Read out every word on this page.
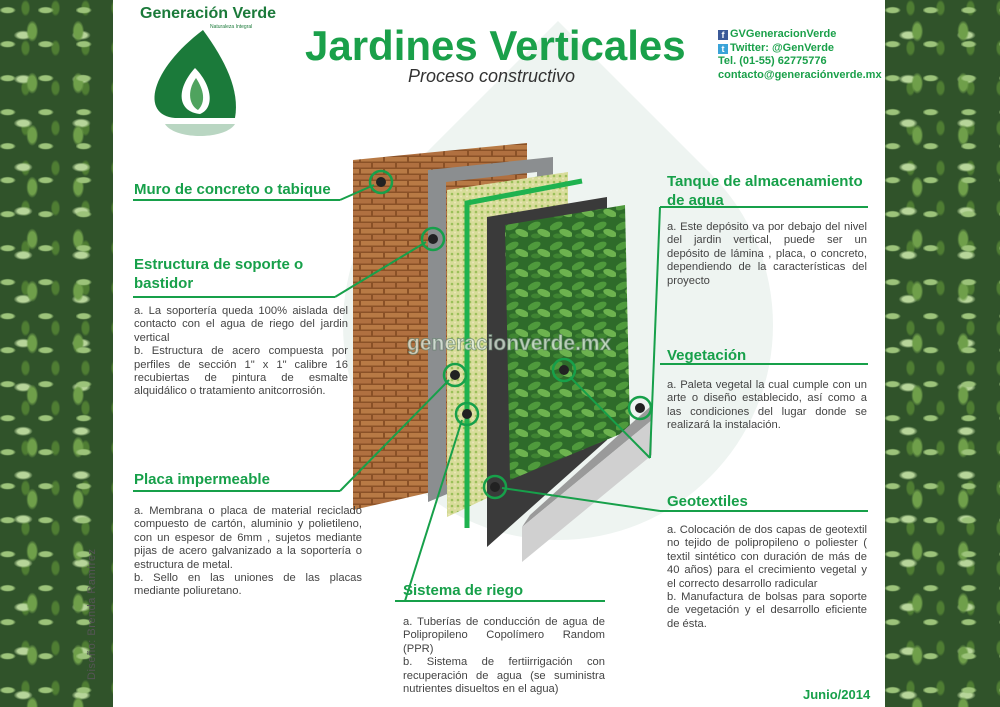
Generación Verde
Naturaleza Integral Jardines Verticales
Proceso constructivo
f GVGeneracionVerde
t Twitter: @GenVerde
Tel. (01-55) 62775776
contacto@generaciónverde.mx
generacionverde.mx
Muro de concreto o tabique
Estructura de soporte o bastidor
a. La soportería queda 100% aislada del contacto con el agua de riego del jardin vertical
b. Estructura de acero compuesta por perfiles de sección 1" x 1" calibre 16 recubiertas de pintura de esmalte alquidálico o tratamiento anitcorrosión.
Placa impermeable
a. Membrana o placa de material reciclado compuesto de cartón, aluminio y polietileno, con un espesor de 6mm , sujetos mediante pijas de acero galvanizado a la soportería o estructura de metal.
b. Sello en las uniones de las placas mediante poliuretano.	Sistema de riego
a. Tuberías de conducción de agua de Polipropileno Copolímero Random (PPR)
b. Sistema de fertiirrigación con recuperación de agua (se suministra nutrientes disueltos en el agua)
Tanque de almacenamiento de agua
a. Este depósito va por debajo del nivel del jardin vertical, puede ser un depósito de lámina , placa, o concreto, dependiendo de la características del proyecto
Vegetación
a. Paleta vegetal la cual cumple con un arte o diseño establecido, así como a las condiciones del lugar donde se realizará la instalación.
Geotextiles
a. Colocación de dos capas de geotextil no tejido de polipropileno o poliester ( textil sintético con duración de más de 40 años) para el crecimiento vegetal y el correcto desarrollo radicular
b. Manufactura de bolsas para soporte de vegetación y el desarrollo eficiente de ésta.
Junio/2014
Diseño: Brenda Ramírez
